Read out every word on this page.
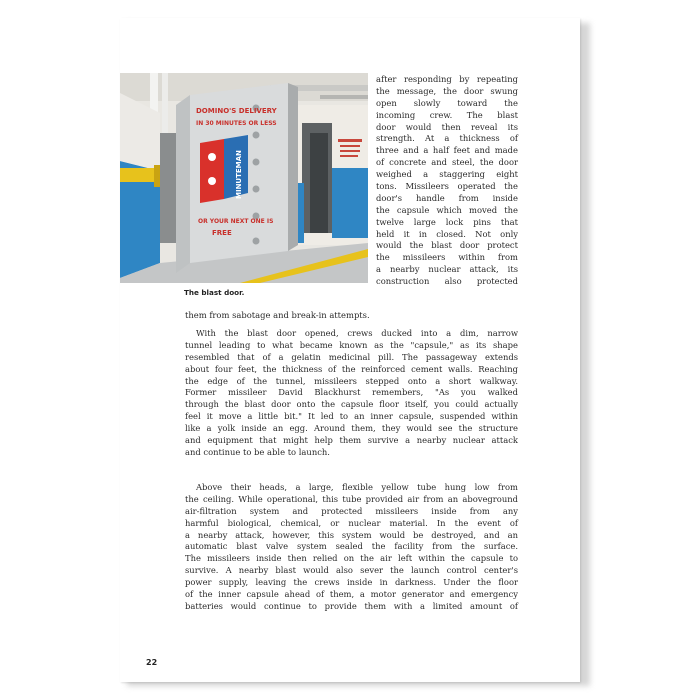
DOMINO'S DELIVERY
IN 30 MINUTES OR LESS
MINUTEMAN
OR YOUR NEXT ONE IS
FREE
The blast door.
after responding by repeating
the message, the door swung
open slowly toward the
incoming crew. The blast
door would then reveal its
strength. At a thickness of
three and a half feet and made
of concrete and steel, the door
weighed a staggering eight
tons. Missileers operated the
door's handle from inside
the capsule which moved the
twelve large lock pins that
held it in closed. Not only
would the blast door protect
the missileers within from
a nearby nuclear attack, its
construction also protected
them from sabotage and break-in attempts.
With the blast door opened, crews ducked into a dim, narrow
tunnel leading to what became known as the "capsule," as its shape
resembled that of a gelatin medicinal pill. The passageway extends
about four feet, the thickness of the reinforced cement walls. Reaching
the edge of the tunnel, missileers stepped onto a short walkway.
Former missileer David Blackhurst remembers, "As you walked
through the blast door onto the capsule floor itself, you could actually
feel it move a little bit." It led to an inner capsule, suspended within
like a yolk inside an egg. Around them, they would see the structure
and equipment that might help them survive a nearby nuclear attack
and continue to be able to launch.
Above their heads, a large, flexible yellow tube hung low from
the ceiling. While operational, this tube provided air from an aboveground
air-filtration system and protected missileers inside from any
harmful biological, chemical, or nuclear material. In the event of
a nearby attack, however, this system would be destroyed, and an
automatic blast valve system sealed the facility from the surface.
The missileers inside then relied on the air left within the capsule to
survive. A nearby blast would also sever the launch control center's
power supply, leaving the crews inside in darkness. Under the floor
of the inner capsule ahead of them, a motor generator and emergency
batteries would continue to provide them with a limited amount of
22
